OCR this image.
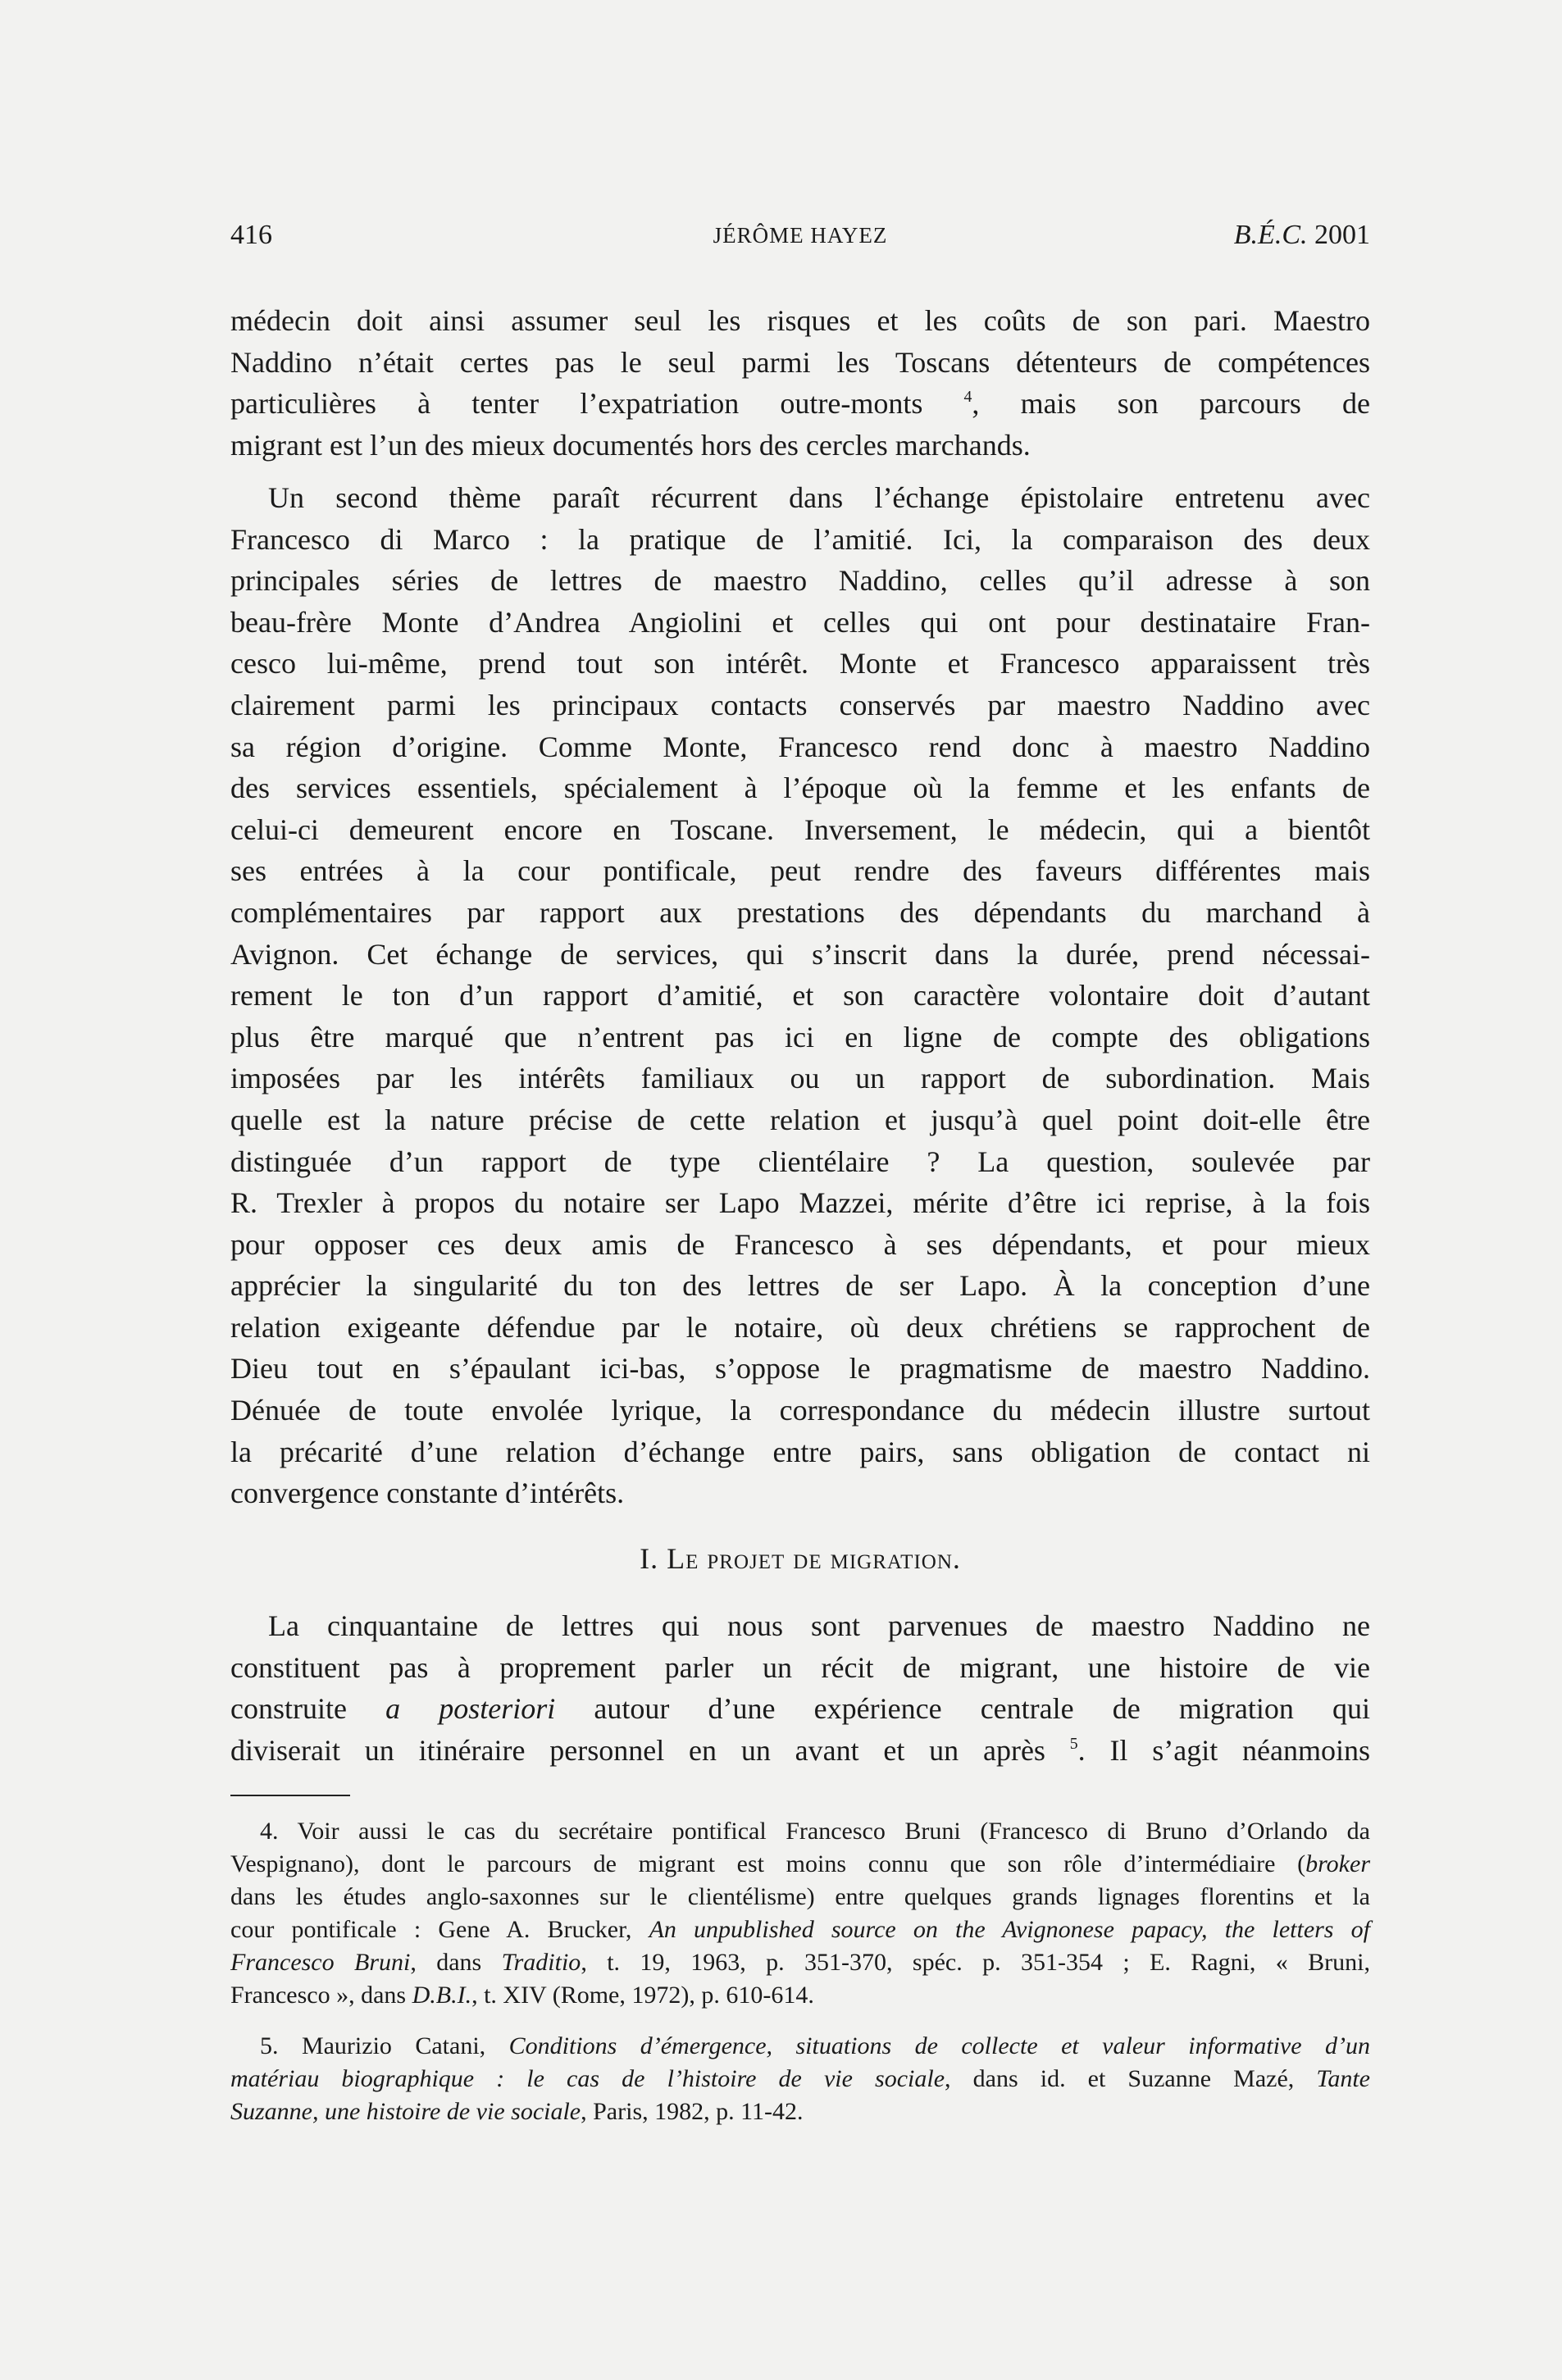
416	JÉRÔME HAYEZ	B.É.C. 2001
médecin doit ainsi assumer seul les risques et les coûts de son pari. Maestro
Naddino n’était certes pas le seul parmi les Toscans détenteurs de compétences
particulières à tenter l’expatriation outre-monts $^4$, mais son parcours de
migrant est l’un des mieux documentés hors des cercles marchands.
Un second thème paraît récurrent dans l’échange épistolaire entretenu avec
Francesco di Marco : la pratique de l’amitié. Ici, la comparaison des deux
principales séries de lettres de maestro Naddino, celles qu’il adresse à son
beau-frère Monte d’Andrea Angiolini et celles qui ont pour destinataire Fran-
cesco lui-même, prend tout son intérêt. Monte et Francesco apparaissent très
clairement parmi les principaux contacts conservés par maestro Naddino avec
sa région d’origine. Comme Monte, Francesco rend donc à maestro Naddino
des services essentiels, spécialement à l’époque où la femme et les enfants de
celui-ci demeurent encore en Toscane. Inversement, le médecin, qui a bientôt
ses entrées à la cour pontificale, peut rendre des faveurs différentes mais
complémentaires par rapport aux prestations des dépendants du marchand à
Avignon. Cet échange de services, qui s’inscrit dans la durée, prend nécessai-
rement le ton d’un rapport d’amitié, et son caractère volontaire doit d’autant
plus être marqué que n’entrent pas ici en ligne de compte des obligations
imposées par les intérêts familiaux ou un rapport de subordination. Mais
quelle est la nature précise de cette relation et jusqu’à quel point doit-elle être
distinguée d’un rapport de type clientélaire ? La question, soulevée par
R. Trexler à propos du notaire ser Lapo Mazzei, mérite d’être ici reprise, à la fois
pour opposer ces deux amis de Francesco à ses dépendants, et pour mieux
apprécier la singularité du ton des lettres de ser Lapo. À la conception d’une
relation exigeante défendue par le notaire, où deux chrétiens se rapprochent de
Dieu tout en s’épaulant ici-bas, s’oppose le pragmatisme de maestro Naddino.
Dénuée de toute envolée lyrique, la correspondance du médecin illustre surtout
la précarité d’une relation d’échange entre pairs, sans obligation de contact ni
convergence constante d’intérêts.
I. Le projet de migration.
La cinquantaine de lettres qui nous sont parvenues de maestro Naddino ne
constituent pas à proprement parler un récit de migrant, une histoire de vie
construite a posteriori autour d’une expérience centrale de migration qui
diviserait un itinéraire personnel en un avant et un après $^5$. Il s’agit néanmoins
4. Voir aussi le cas du secrétaire pontifical Francesco Bruni (Francesco di Bruno d’Orlando da
Vespignano), dont le parcours de migrant est moins connu que son rôle d’intermédiaire (broker
dans les études anglo-saxonnes sur le clientélisme) entre quelques grands lignages florentins et la
cour pontificale : Gene A. Brucker, An unpublished source on the Avignonese papacy, the letters of
Francesco Bruni, dans Traditio, t. 19, 1963, p. 351-370, spéc. p. 351-354 ; E. Ragni, « Bruni,
Francesco », dans D.B.I., t. XIV (Rome, 1972), p. 610-614.
5. Maurizio Catani, Conditions d’émergence, situations de collecte et valeur informative d’un
matériau biographique : le cas de l’histoire de vie sociale, dans id. et Suzanne Mazé, Tante
Suzanne, une histoire de vie sociale, Paris, 1982, p. 11-42.
